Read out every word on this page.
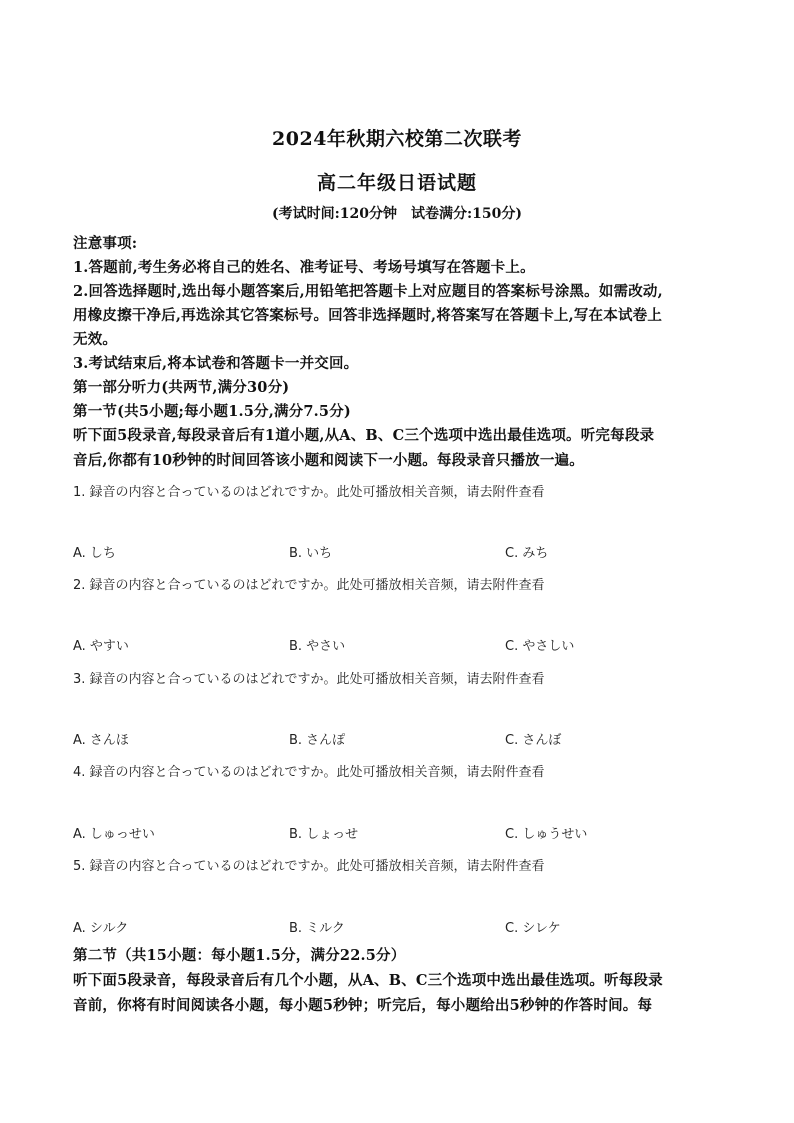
2024年秋期六校第二次联考
高二年级日语试题
(考试时间:120分钟　试卷满分:150分)
注意事项:
1.答题前,考生务必将自己的姓名、准考证号、考场号填写在答题卡上。
2.回答选择题时,选出每小题答案后,用铅笔把答题卡上对应题目的答案标号涂黑。如需改动,
用橡皮擦干净后,再选涂其它答案标号。回答非选择题时,将答案写在答题卡上,写在本试卷上
无效。
3.考试结束后,将本试卷和答题卡一并交回。
第一部分听力(共两节,满分30分)
第一节(共5小题;每小题1.5分,满分7.5分)
听下面5段录音,每段录音后有1道小题,从A、B、C三个选项中选出最佳选项。听完每段录
音后,你都有10秒钟的时间回答该小题和阅读下一小题。每段录音只播放一遍。
1. 録音の内容と合っているのはどれですか。此处可播放相关音频，请去附件查看
A. しち	B. いち	C. みち
2. 録音の内容と合っているのはどれですか。此处可播放相关音频，请去附件查看
A. やすい	B. やさい	C. やさしい
3. 録音の内容と合っているのはどれですか。此处可播放相关音频，请去附件查看
A. さんほ	B. さんぽ	C. さんぼ
4. 録音の内容と合っているのはどれですか。此处可播放相关音频，请去附件查看
A. しゅっせい	B. しょっせ	C. しゅうせい
5. 録音の内容と合っているのはどれですか。此处可播放相关音频，请去附件查看
A. シルク	B. ミルク	C. シレケ
第二节（共15小题：每小题1.5分，满分22.5分）
听下面5段录音，每段录音后有几个小题，从A、B、C三个选项中选出最佳选项。听每段录
音前，你将有时间阅读各小题，每小题5秒钟；听完后，每小题给出5秒钟的作答时间。每
